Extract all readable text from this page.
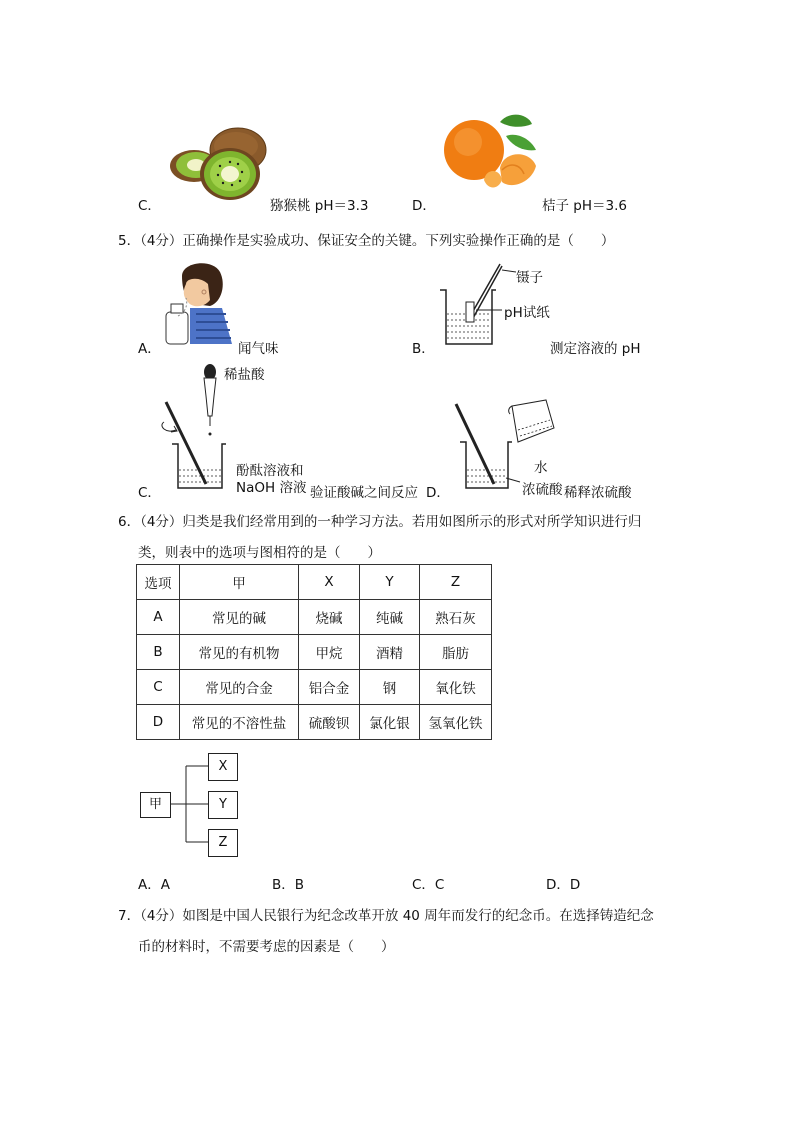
C．	猕猴桃 pH＝3.3	D．	桔子 pH＝3.6
5．（4分）正确操作是实验成功、保证安全的关键。下列实验操作正确的是（　　）
A．	闻气味
镊子
pH试纸
B．	测定溶液的 pH
稀盐酸
酚酞溶液和
NaOH 溶液
C．	验证酸碱之间反应
水
浓硫酸
D．	稀释浓硫酸
6．（4分）归类是我们经常用到的一种学习方法。若用如图所示的形式对所学知识进行归
类，则表中的选项与图相符的是（　　）
选项	甲	X	Y	Z
A	常见的碱	烧碱	纯碱	熟石灰
B	常见的有机物	甲烷	酒精	脂肪
C	常见的合金	铝合金	钢	氧化铁
D	常见的不溶性盐	硫酸钡	氯化银	氢氧化铁
甲
X
Y
Z
A．A	B．B	C．C	D．D
7．（4分）如图是中国人民银行为纪念改革开放 40 周年而发行的纪念币。在选择铸造纪念
币的材料时，不需要考虑的因素是（　　）
